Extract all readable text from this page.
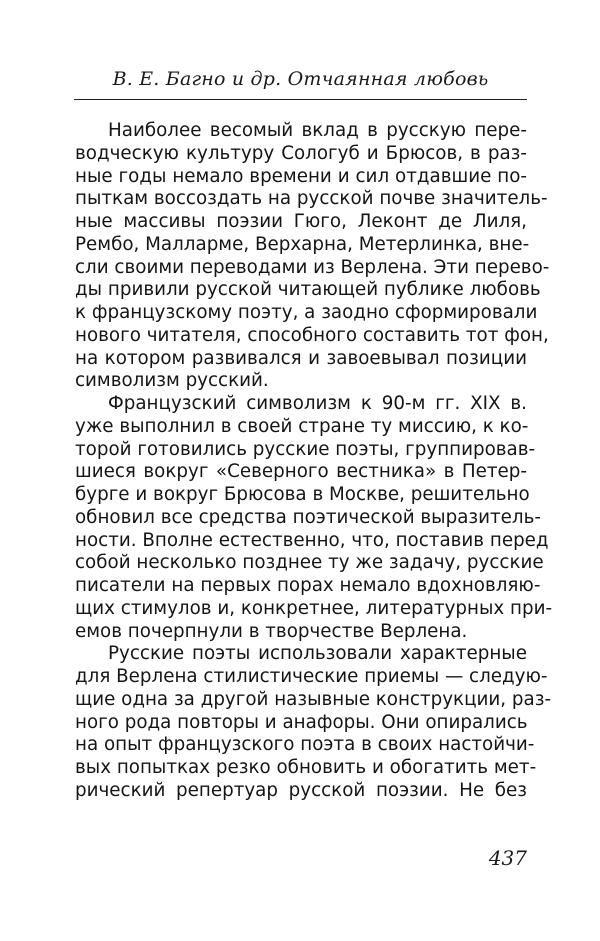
В. Е. Багно и др. Отчаянная любовь
Наиболее весомый вклад в русскую пере-
водческую культуру Сологуб и Брюсов, в раз-
ные годы немало времени и сил отдавшие по-
пыткам воссоздать на русской почве значитель-
ные массивы поэзии Гюго, Леконт де Лиля,
Рембо, Малларме, Верхарна, Метерлинка, вне-
сли своими переводами из Верлена. Эти перево-
ды привили русской читающей публике любовь
к французскому поэту, а заодно сформировали
нового читателя, способного составить тот фон,
на котором развивался и завоевывал позиции
символизм русский.
Французский символизм к 90-м гг. XIX в.
уже выполнил в своей стране ту миссию, к ко-
торой готовились русские поэты, группировав-
шиеся вокруг «Северного вестника» в Петер-
бурге и вокруг Брюсова в Москве, решительно
обновил все средства поэтической выразитель-
ности. Вполне естественно, что, поставив перед
собой несколько позднее ту же задачу, русские
писатели на первых порах немало вдохновляю-
щих стимулов и, конкретнее, литературных при-
емов почерпнули в творчестве Верлена.
Русские поэты использовали характерные
для Верлена стилистические приемы — следую-
щие одна за другой назывные конструкции, раз-
ного рода повторы и анафоры. Они опирались
на опыт французского поэта в своих настойчи-
вых попытках резко обновить и обогатить мет-
рический репертуар русской поэзии. Не без
437
